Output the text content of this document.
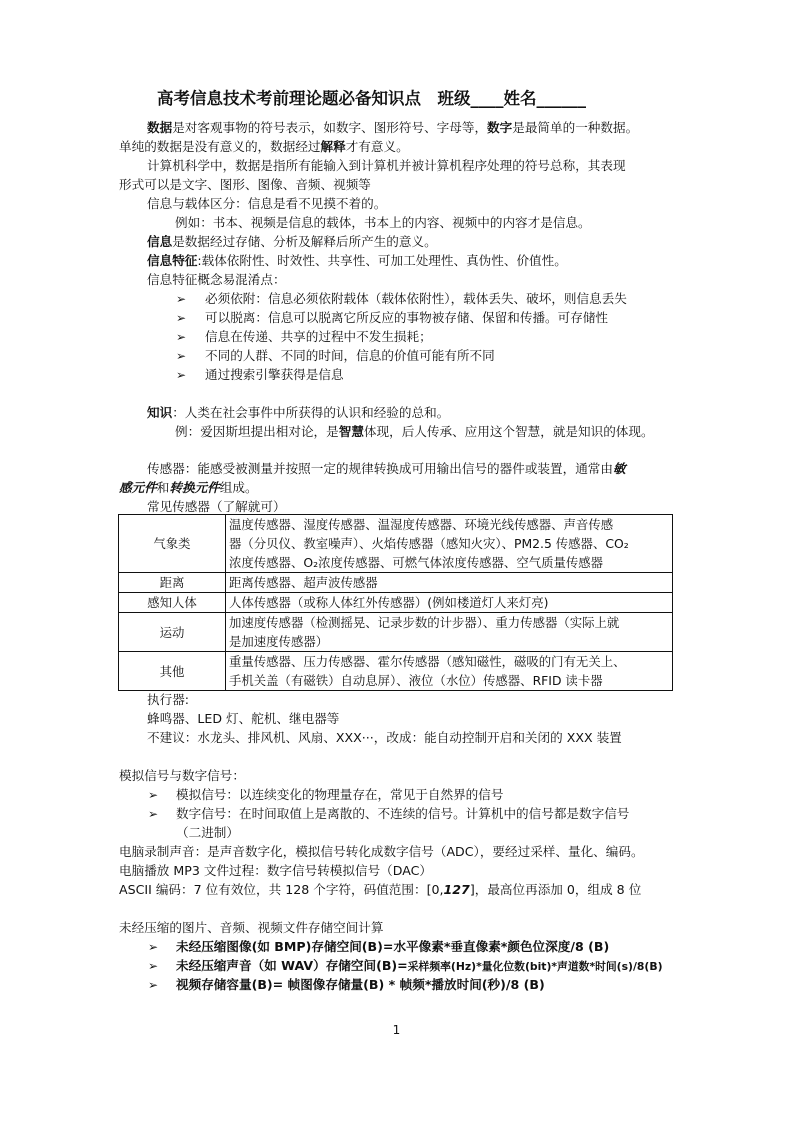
高考信息技术考前理论题必备知识点　班级____姓名______
数据是对客观事物的符号表示，如数字、图形符号、字母等，数字是最简单的一种数据。
单纯的数据是没有意义的，数据经过解释才有意义。
计算机科学中，数据是指所有能输入到计算机并被计算机程序处理的符号总称，其表现
形式可以是文字、图形、图像、音频、视频等
信息与载体区分：信息是看不见摸不着的。
例如：书本、视频是信息的载体，书本上的内容、视频中的内容才是信息。
信息是数据经过存储、分析及解释后所产生的意义。
信息特征:载体依附性、时效性、共享性、可加工处理性、真伪性、价值性。
信息特征概念易混淆点：
➢ 必须依附：信息必须依附载体（载体依附性），载体丢失、破坏，则信息丢失
➢ 可以脱离：信息可以脱离它所反应的事物被存储、保留和传播。可存储性
➢ 信息在传递、共享的过程中不发生损耗；
➢ 不同的人群、不同的时间，信息的价值可能有所不同
➢ 通过搜索引擎获得是信息
知识：人类在社会事件中所获得的认识和经验的总和。
例：爱因斯坦提出相对论，是智慧体现，后人传承、应用这个智慧，就是知识的体现。
传感器：能感受被测量并按照一定的规律转换成可用输出信号的器件或装置，通常由敏
感元件和转换元件组成。
常见传感器（了解就可）
气象类	温度传感器、湿度传感器、温湿度传感器、环境光线传感器、声音传感
器（分贝仪、教室噪声）、火焰传感器（感知火灾）、PM2.5 传感器、CO₂
浓度传感器、O₂浓度传感器、可燃气体浓度传感器、空气质量传感器

距离	距离传感器、超声波传感器

感知人体	人体传感器（或称人体红外传感器）(例如楼道灯人来灯亮)

运动	加速度传感器（检测摇晃、记录步数的计步器）、重力传感器（实际上就
是加速度传感器）

其他	重量传感器、压力传感器、霍尔传感器（感知磁性，磁吸的门有无关上、
手机关盖（有磁铁）自动息屏）、液位（水位）传感器、RFID 读卡器
执行器:
蜂鸣器、LED 灯、舵机、继电器等
不建议：水龙头、排风机、风扇、XXX···，改成：能自动控制开启和关闭的 XXX 装置
模拟信号与数字信号：
➢ 模拟信号：以连续变化的物理量存在，常见于自然界的信号
➢ 数字信号：在时间取值上是离散的、不连续的信号。计算机中的信号都是数字信号
（二进制）
电脑录制声音：是声音数字化，模拟信号转化成数字信号（ADC），要经过采样、量化、编码。
电脑播放 MP3 文件过程：数字信号转模拟信号（DAC）
ASCII 编码：7 位有效位，共 128 个字符，码值范围：[0,127]，最高位再添加 0，组成 8 位
未经压缩的图片、音频、视频文件存储空间计算
➢ 未经压缩图像(如 BMP)存储空间(B)=水平像素*垂直像素*颜色位深度/8 (B)
➢ 未经压缩声音（如 WAV）存储空间(B)=采样频率(Hz)*量化位数(bit)*声道数*时间(s)/8(B)
➢ 视频存储容量(B)= 帧图像存储量(B) * 帧频*播放时间(秒)/8 (B)
1
